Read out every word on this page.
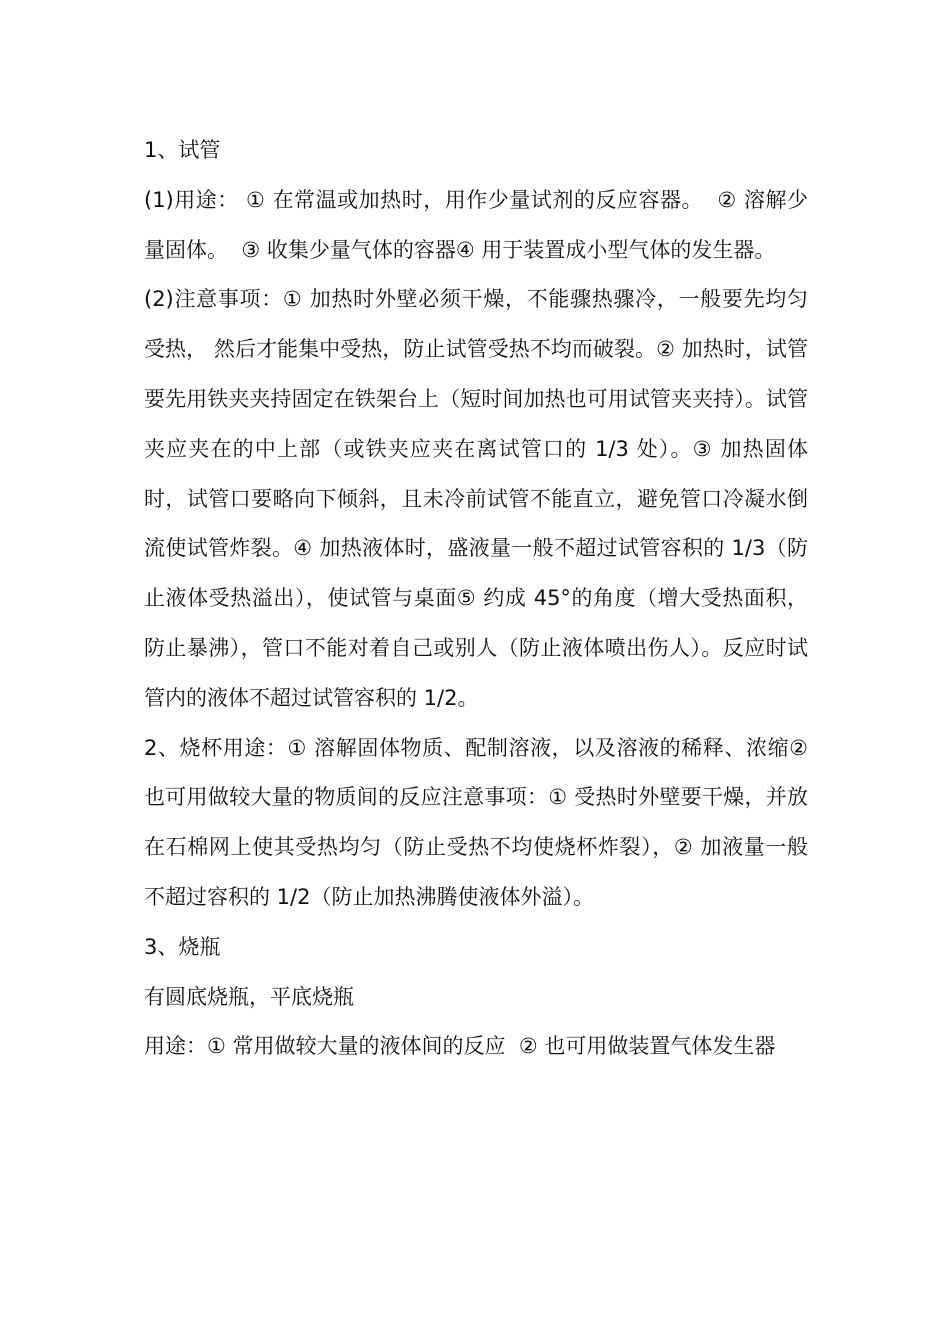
1、试管

(1)用途： ① 在常温或加热时，用作少量试剂的反应容器。  ② 溶解少量固体。  ③ 收集少量气体的容器④ 用于装置成小型气体的发生器。

(2)注意事项：① 加热时外壁必须干燥，不能骤热骤冷，一般要先均匀受热， 然后才能集中受热，防止试管受热不均而破裂。② 加热时，试管要先用铁夹夹持固定在铁架台上（短时间加热也可用试管夹夹持）。试管夹应夹在的中上部（或铁夹应夹在离试管口的 1/3 处）。③ 加热固体时，试管口要略向下倾斜，且未冷前试管不能直立，避免管口冷凝水倒流使试管炸裂。④ 加热液体时，盛液量一般不超过试管容积的 1/3（防止液体受热溢出），使试管与桌面⑤ 约成 45°的角度（增大受热面积，防止暴沸），管口不能对着自己或别人（防止液体喷出伤人）。反应时试管内的液体不超过试管容积的 1/2。

2、烧杯用途：① 溶解固体物质、配制溶液，以及溶液的稀释、浓缩② 也可用做较大量的物质间的反应注意事项：① 受热时外壁要干燥，并放在石棉网上使其受热均匀（防止受热不均使烧杯炸裂），② 加液量一般不超过容积的 1/2（防止加热沸腾使液体外溢）。

3、烧瓶

有圆底烧瓶，平底烧瓶

用途：① 常用做较大量的液体间的反应  ② 也可用做装置气体发生器
